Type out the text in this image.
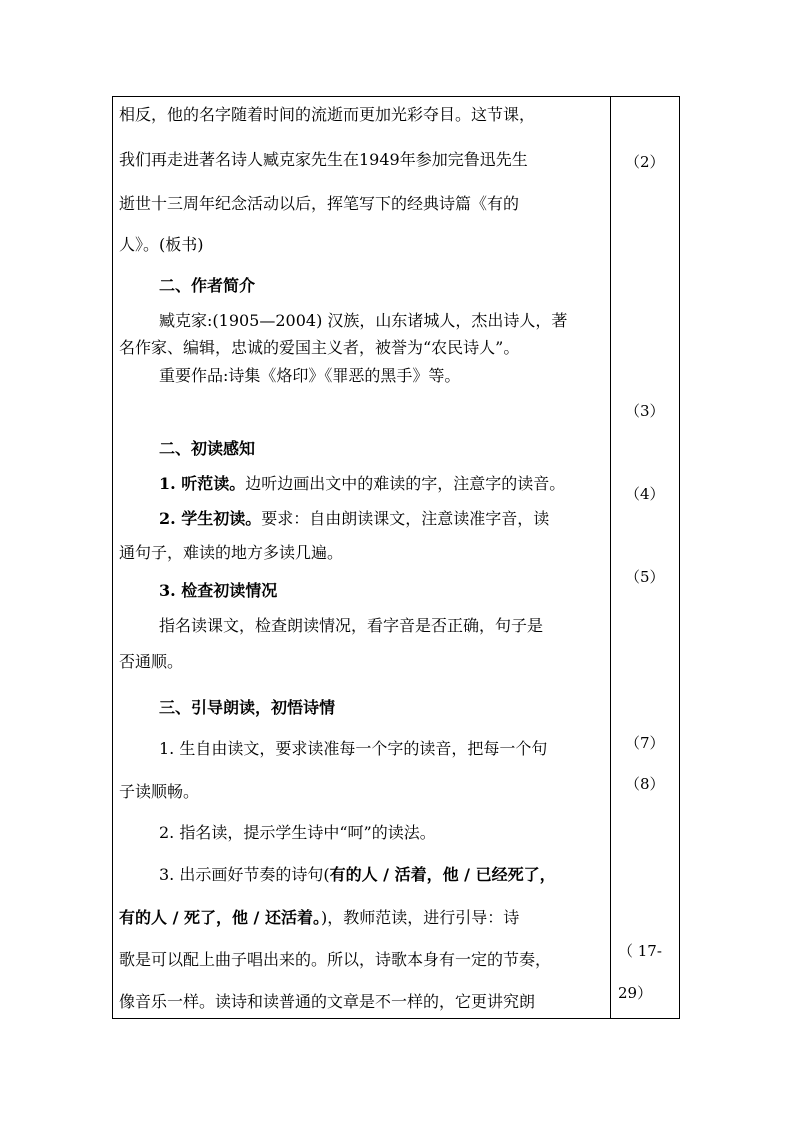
相反，他的名字随着时间的流逝而更加光彩夺目。这节课，
我们再走进著名诗人臧克家先生在1949年参加完鲁迅先生
逝世十三周年纪念活动以后，挥笔写下的经典诗篇《有的
人》。(板书)
二、作者简介
臧克家:(1905—2004) 汉族，山东诸城人，杰出诗人，著
名作家、编辑，忠诚的爱国主义者，被誉为“农民诗人”。
重要作品:诗集《烙印》《罪恶的黑手》等。
二、初读感知
1. 听范读。边听边画出文中的难读的字，注意字的读音。
2. 学生初读。要求：自由朗读课文，注意读准字音，读
通句子，难读的地方多读几遍。
3. 检查初读情况
指名读课文，检查朗读情况，看字音是否正确，句子是
否通顺。
三、引导朗读，初悟诗情
1. 生自由读文，要求读准每一个字的读音，把每一个句
子读顺畅。
2. 指名读，提示学生诗中“呵”的读法。
3. 出示画好节奏的诗句(有的人 / 活着，他 / 已经死了，
有的人 / 死了，他 / 还活着。)，教师范读，进行引导：诗
歌是可以配上曲子唱出来的。所以，诗歌本身有一定的节奏，
像音乐一样。读诗和读普通的文章是不一样的，它更讲究朗
（2）
（3）
（4）
（5）
（7）
（8）
（ 17-
29）
